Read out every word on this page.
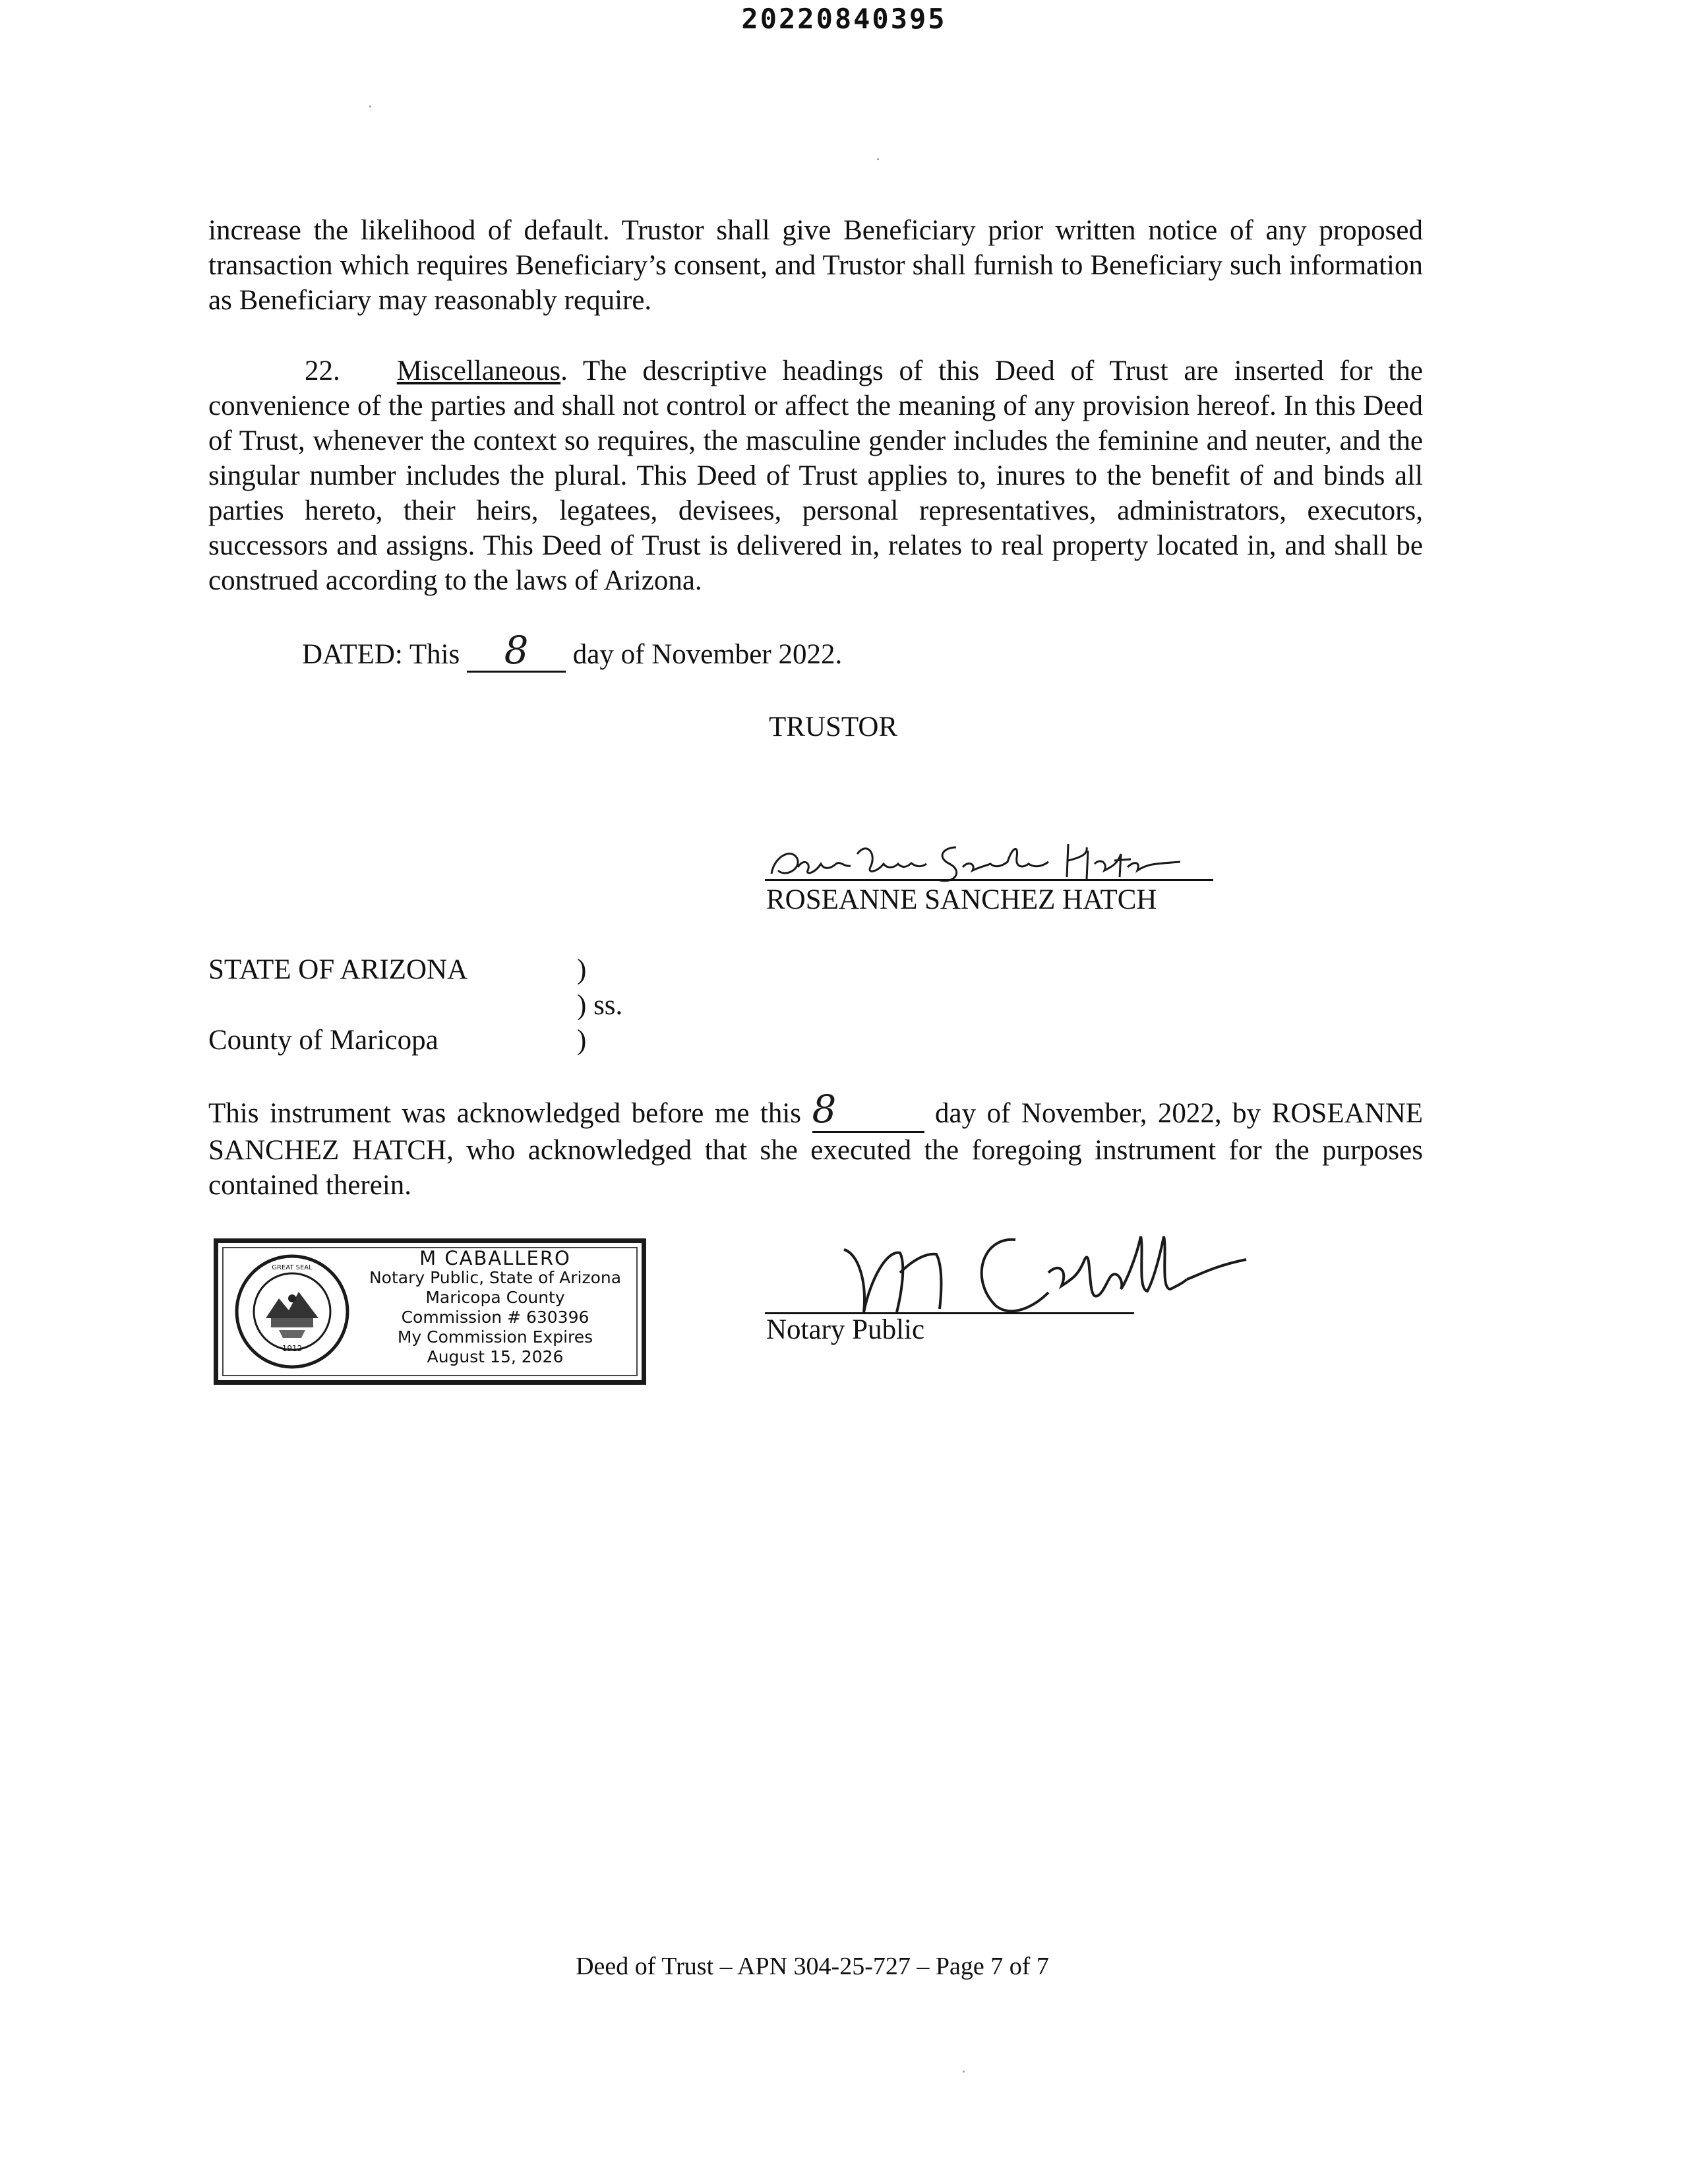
20220840395
increase the likelihood of default. Trustor shall give Beneficiary prior written notice of any proposed transaction which requires Beneficiary’s consent, and Trustor shall furnish to Beneficiary such information as Beneficiary may reasonably require.
22. Miscellaneous. The descriptive headings of this Deed of Trust are inserted for the convenience of the parties and shall not control or affect the meaning of any provision hereof. In this Deed of Trust, whenever the context so requires, the masculine gender includes the feminine and neuter, and the singular number includes the plural. This Deed of Trust applies to, inures to the benefit of and binds all parties hereto, their heirs, legatees, devisees, personal representatives, administrators, executors, successors and assigns. This Deed of Trust is delivered in, relates to real property located in, and shall be construed according to the laws of Arizona.
DATED: This 8 day of November 2022.
TRUSTOR
ROSEANNE SANCHEZ HATCH
STATE OF ARIZONA	)
) ss.
County of Maricopa	)
This instrument was acknowledged before me this 8	day of November, 2022, by ROSEANNE SANCHEZ HATCH, who acknowledged that she executed the foregoing instrument for the purposes contained therein.
1912
GREAT SEAL	M CABALLERO
Notary Public, State of Arizona
Maricopa County
Commission # 630396
My Commission Expires
August 15, 2026
Notary Public
Deed of Trust – APN 304-25-727 – Page 7 of 7
